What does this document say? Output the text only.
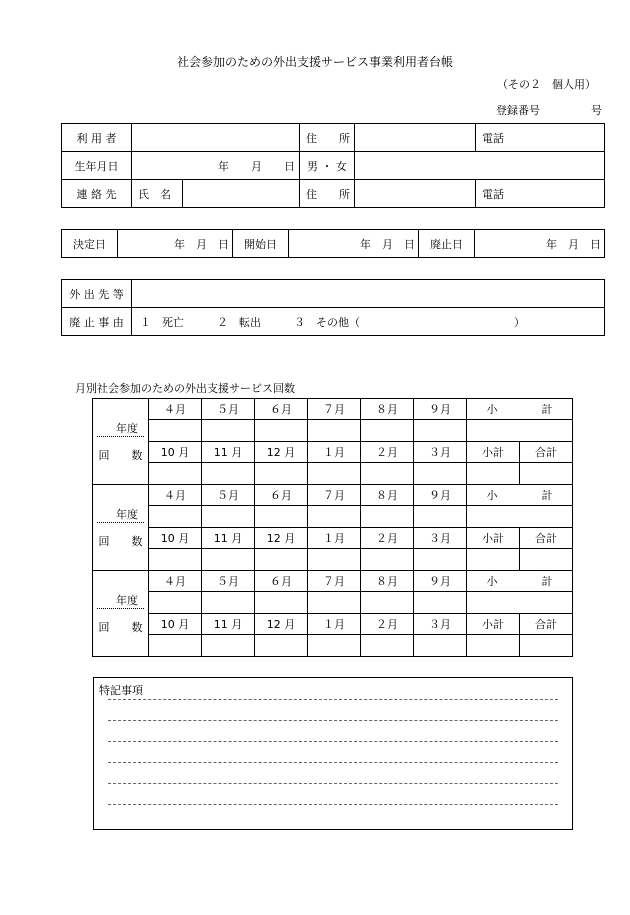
社会参加のための外出支援サービス事業利用者台帳
（その２　個人用）
登録番号	号
利 用 者			住　　所		電話
生年月日	年　　月　　日		男 ・ 女		
連 絡 先	氏　名		住　　所		電話
決定日	年　月　日	開始日	年　月　日	廃止日	年　月　日
外 出 先 等	
廃 止 事 由	１　死亡　　　２　転出　　　３　その他（　　　　　　　　　　　　　　）
月別社会参加のための外出支援サービス回数
年度
回　　数	４月	５月	６月	７月	８月	９月	小　　　　計	

	10 月	11 月	12 月	１月	２月	３月	小計	合計

年度
回　　数	４月	５月	６月	７月	８月	９月	小　　　　計	

	10 月	11 月	12 月	１月	２月	３月	小計	合計

年度
回　　数	４月	５月	６月	７月	８月	９月	小　　　　計	

	10 月	11 月	12 月	１月	２月	３月	小計	合計

特記事項
